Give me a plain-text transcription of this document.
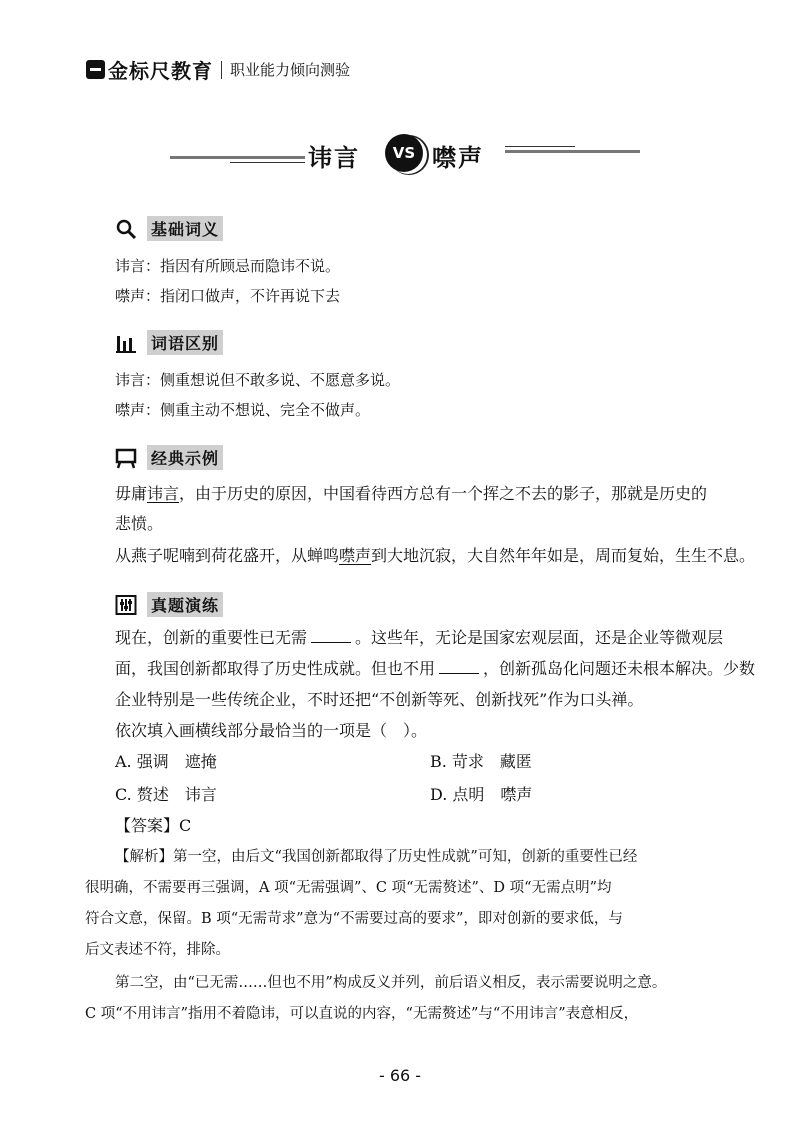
金标尺教育 职业能力倾向测验
讳言	VS 噤声
基础词义
讳言：指因有所顾忌而隐讳不说。
噤声：指闭口做声，不许再说下去
词语区别
讳言：侧重想说但不敢多说、不愿意多说。
噤声：侧重主动不想说、完全不做声。
经典示例
毋庸讳言，由于历史的原因，中国看待西方总有一个挥之不去的影子，那就是历史的
悲愤。
从燕子呢喃到荷花盛开，从蝉鸣噤声到大地沉寂，大自然年年如是，周而复始，生生不息。
真题演练
现在，创新的重要性已无需	。这些年，无论是国家宏观层面，还是企业等微观层
面，我国创新都取得了历史性成就。但也不用	，创新孤岛化问题还未根本解决。少数
企业特别是一些传统企业，不时还把“不创新等死、创新找死”作为口头禅。
依次填入画横线部分最恰当的一项是（　）。
A. 强调　遮掩	B. 苛求　藏匿
C. 赘述　讳言	D. 点明　噤声
【答案】C
【解析】第一空，由后文“我国创新都取得了历史性成就”可知，创新的重要性已经
很明确，不需要再三强调，A 项“无需强调”、C 项“无需赘述”、D 项“无需点明”均
符合文意，保留。B 项“无需苛求”意为“不需要过高的要求”，即对创新的要求低，与
后文表述不符，排除。
第二空，由“已无需……但也不用”构成反义并列，前后语义相反，表示需要说明之意。
C 项“不用讳言”指用不着隐讳，可以直说的内容，“无需赘述”与“不用讳言”表意相反，
- 66 -
